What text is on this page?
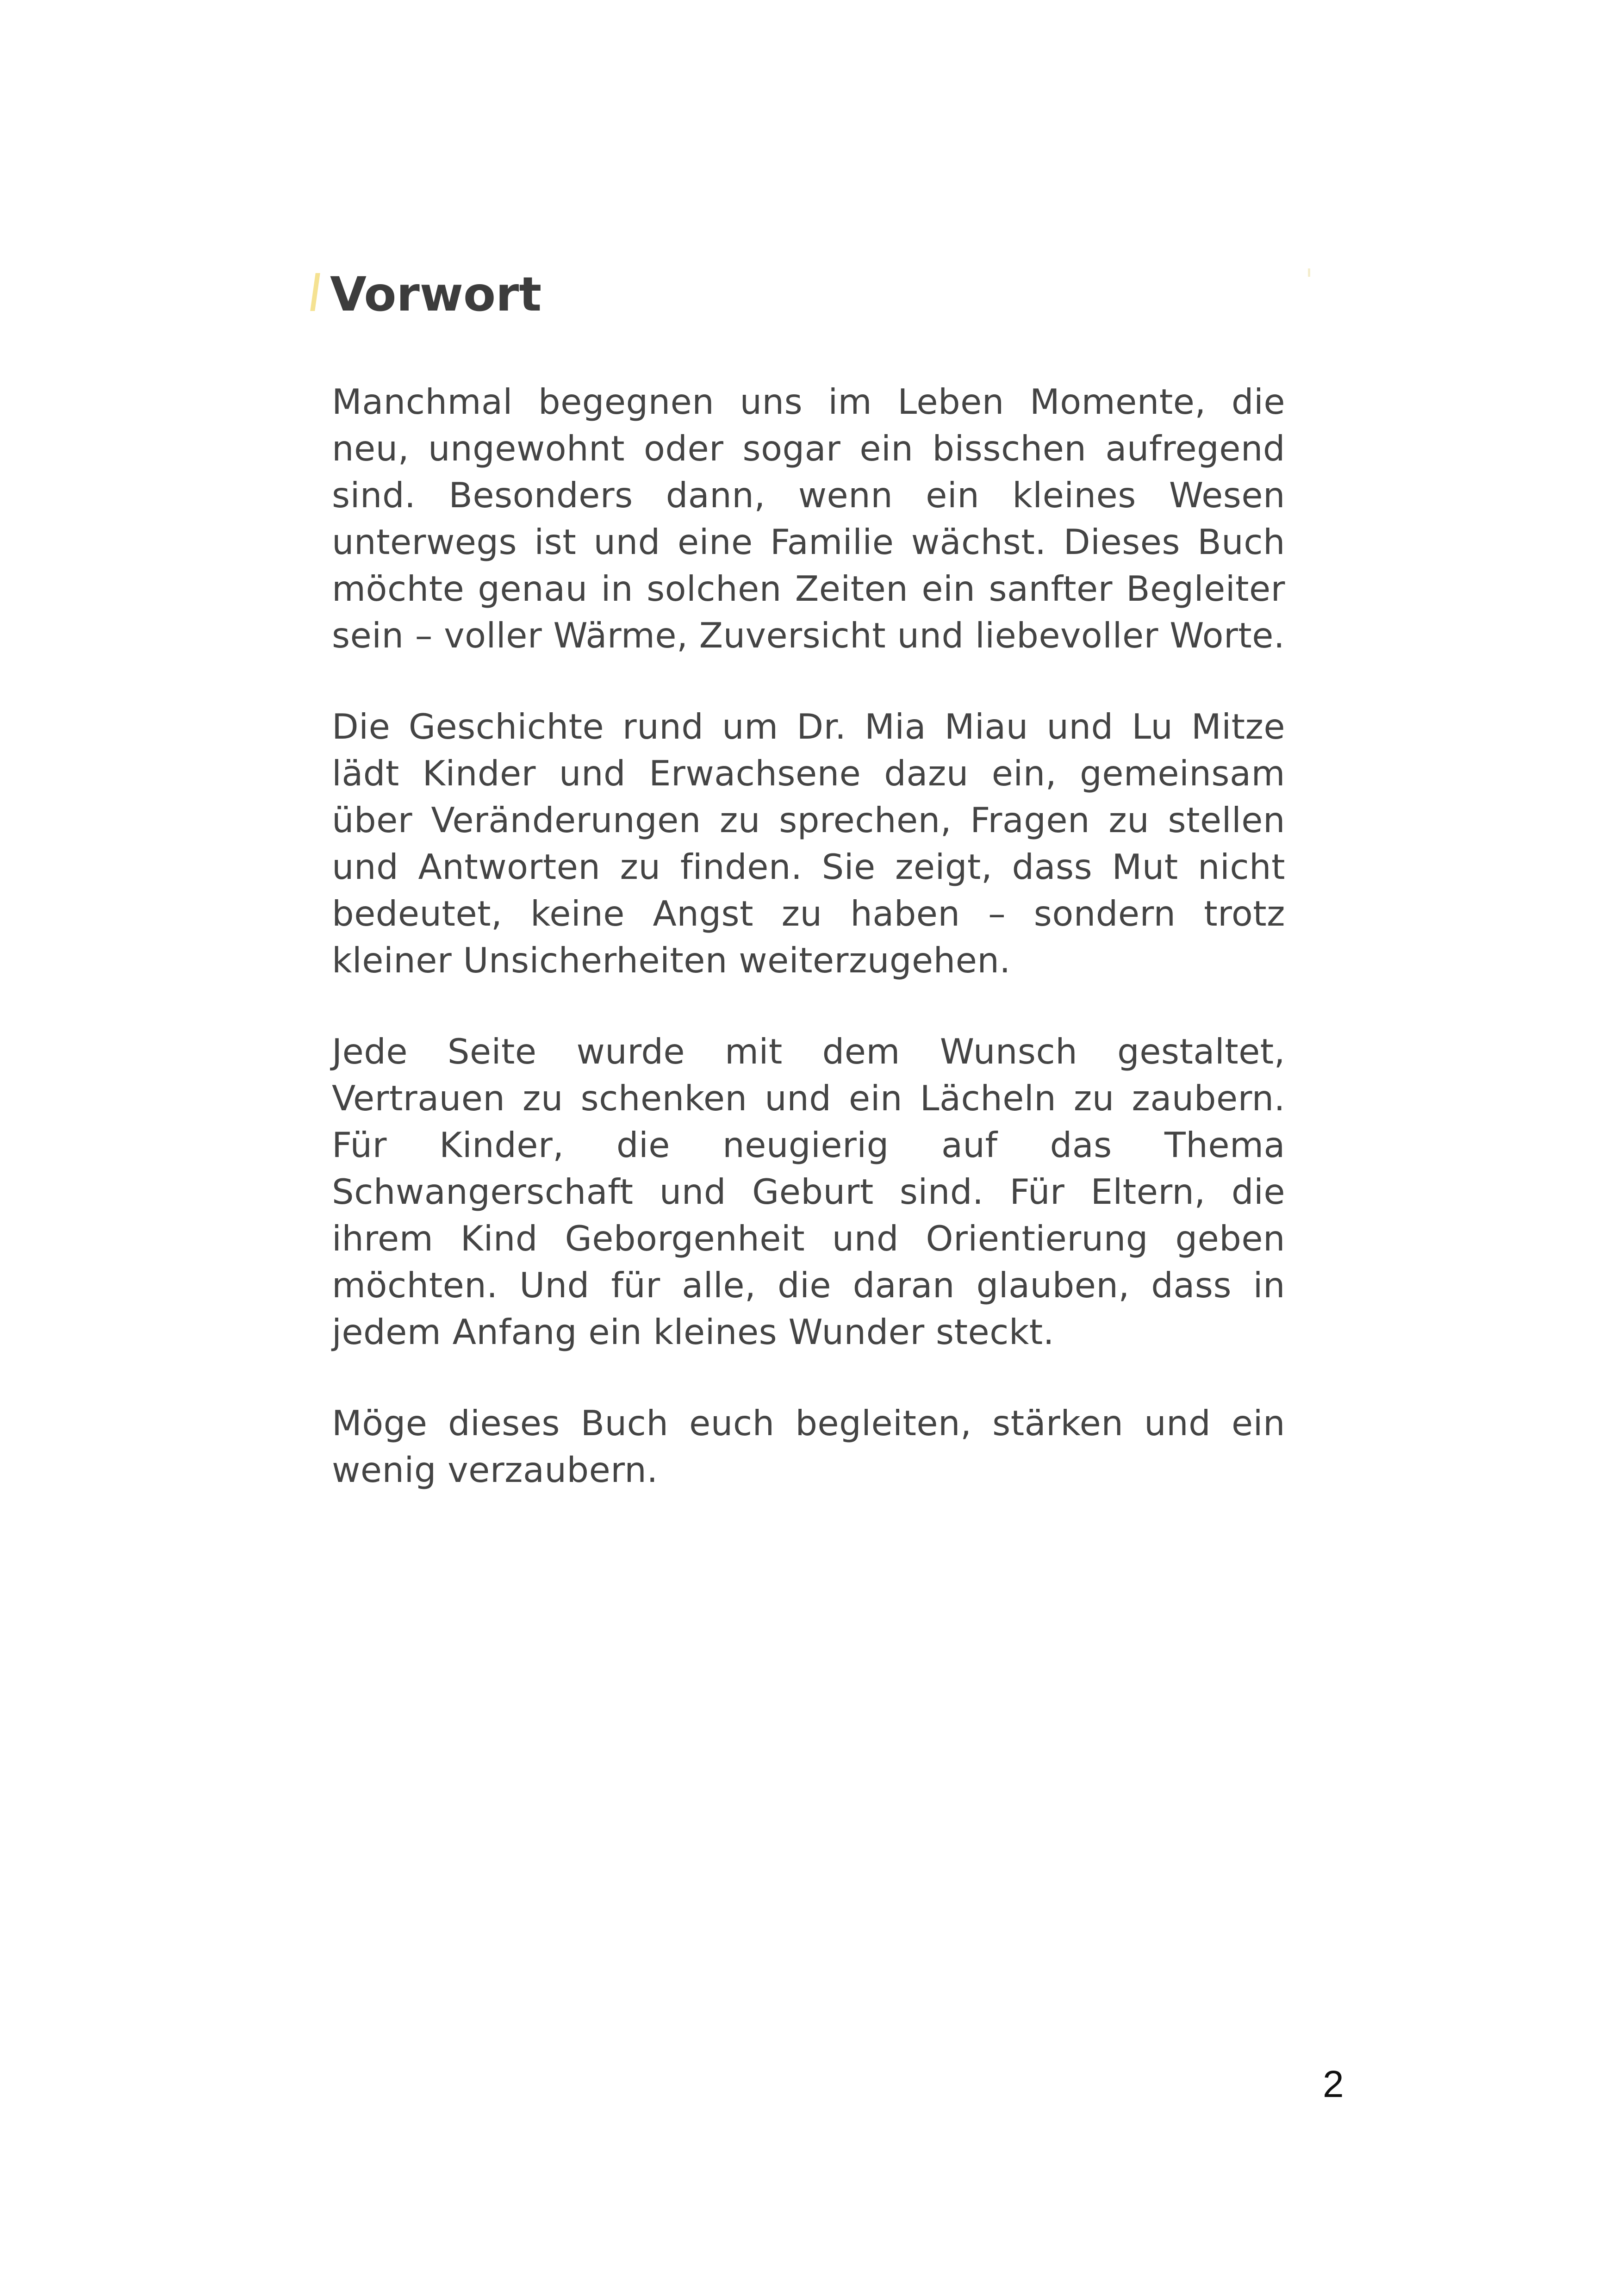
Vorwort

Manchmal begegnen uns im Leben Momente, die neu, ungewohnt oder sogar ein bisschen aufregend sind. Besonders dann, wenn ein kleines Wesen unterwegs ist und eine Familie wächst. Dieses Buch möchte genau in solchen Zeiten ein sanfter Begleiter sein – voller Wärme, Zuversicht und liebevoller Worte.

Die Geschichte rund um Dr. Mia Miau und Lu Mitze lädt Kinder und Erwachsene dazu ein, gemeinsam über Veränderungen zu sprechen, Fragen zu stellen und Antworten zu finden. Sie zeigt, dass Mut nicht bedeutet, keine Angst zu haben – sondern trotz kleiner Unsicherheiten weiterzugehen.

Jede Seite wurde mit dem Wunsch gestaltet, Vertrauen zu schenken und ein Lächeln zu zaubern. Für Kinder, die neugierig auf das Thema Schwangerschaft und Geburt sind. Für Eltern, die ihrem Kind Geborgenheit und Orientierung geben möchten. Und für alle, die daran glauben, dass in jedem Anfang ein kleines Wunder steckt.

Möge dieses Buch euch begleiten, stärken und ein wenig verzaubern.

2
